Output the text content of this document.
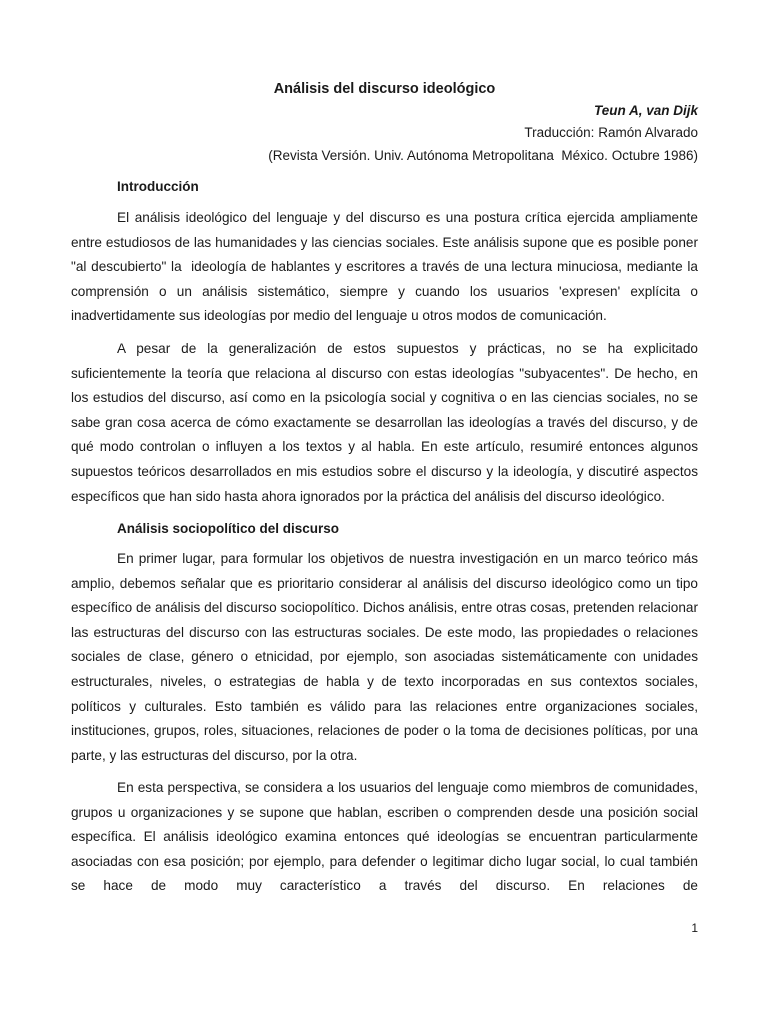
Análisis del discurso ideológico
Teun A, van Dijk
Traducción: Ramón Alvarado
(Revista Versión. Univ. Autónoma Metropolitana  México. Octubre 1986)
Introducción

El análisis ideológico del lenguaje y del discurso es una postura crítica ejercida ampliamente entre estudiosos de las humanidades y las ciencias sociales. Este análisis supone que es posible poner "al descubierto" la  ideología de hablantes y escritores a través de una lectura minuciosa, mediante la comprensión o un análisis sistemático, siempre y cuando los usuarios 'expresen' explícita o inadvertidamente sus ideologías por medio del lenguaje u otros modos de comunicación.

A pesar de la generalización de estos supuestos y prácticas, no se ha explicitado suficientemente la teoría que relaciona al discurso con estas ideologías "subyacentes". De hecho, en los estudios del discurso, así como en la psicología social y cognitiva o en las ciencias sociales, no se sabe gran cosa acerca de cómo exactamente se desarrollan las ideologías a través del discurso, y de qué modo controlan o influyen a los textos y al habla. En este artículo, resumiré entonces algunos supuestos teóricos desarrollados en mis estudios sobre el discurso y la ideología, y discutiré aspectos específicos que han sido hasta ahora ignorados por la práctica del análisis del discurso ideológico.

Análisis sociopolítico del discurso

En primer lugar, para formular los objetivos de nuestra investigación en un marco teórico más amplio, debemos señalar que es prioritario considerar al análisis del discurso ideológico como un tipo específico de análisis del discurso sociopolítico. Dichos análisis, entre otras cosas, pretenden relacionar las estructuras del discurso con las estructuras sociales. De este modo, las propiedades o relaciones sociales de clase, género o etnicidad, por ejemplo, son asociadas sistemáticamente con unidades estructurales, niveles, o estrategias de habla y de texto incorporadas en sus contextos sociales, políticos y culturales. Esto también es válido para las relaciones entre organizaciones sociales, instituciones, grupos, roles, situaciones, relaciones de poder o la toma de decisiones políticas, por una parte, y las estructuras del discurso, por la otra.

En esta perspectiva, se considera a los usuarios del lenguaje como miembros de comunidades, grupos u organizaciones y se supone que hablan, escriben o comprenden desde una posición social específica. El análisis ideológico examina entonces qué ideologías se encuentran particularmente asociadas con esa posición; por ejemplo, para defender o legitimar dicho lugar social, lo cual también se hace de modo muy característico a través del discurso. En relaciones de

1
